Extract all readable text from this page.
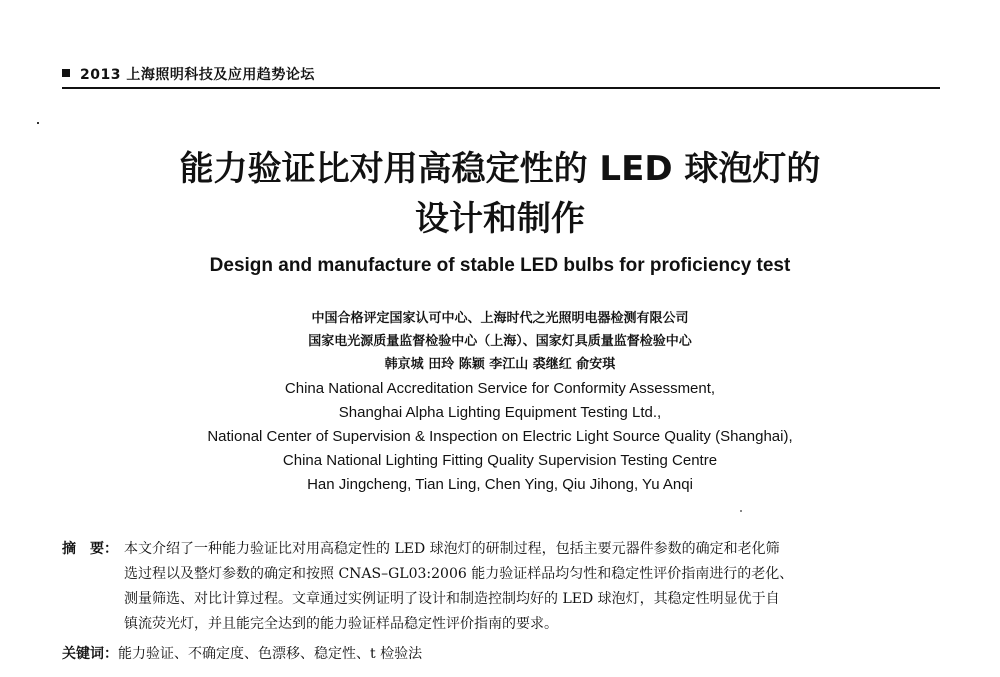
2013 上海照明科技及应用趋势论坛
能力验证比对用高稳定性的 LED 球泡灯的
设计和制作
Design and manufacture of stable LED bulbs for proficiency test
中国合格评定国家认可中心、上海时代之光照明电器检测有限公司
国家电光源质量监督检验中心（上海）、国家灯具质量监督检验中心
韩京城 田玲 陈颖 李江山 裘继红 俞安琪
China National Accreditation Service for Conformity Assessment,
Shanghai Alpha Lighting Equipment Testing Ltd.,
National Center of Supervision & Inspection on Electric Light Source Quality (Shanghai),
China National Lighting Fitting Quality Supervision Testing Centre
Han Jingcheng, Tian Ling, Chen Ying, Qiu Jihong, Yu Anqi
摘　要： 本文介绍了一种能力验证比对用高稳定性的 LED 球泡灯的研制过程，包括主要元器件参数的确定和老化筛
选过程以及整灯参数的确定和按照 CNAS–GL03:2006 能力验证样品均匀性和稳定性评价指南进行的老化、
测量筛选、对比计算过程。文章通过实例证明了设计和制造控制均好的 LED 球泡灯，其稳定性明显优于自
镇流荧光灯，并且能完全达到的能力验证样品稳定性评价指南的要求。
关键词：能力验证、不确定度、色漂移、稳定性、t 检验法
